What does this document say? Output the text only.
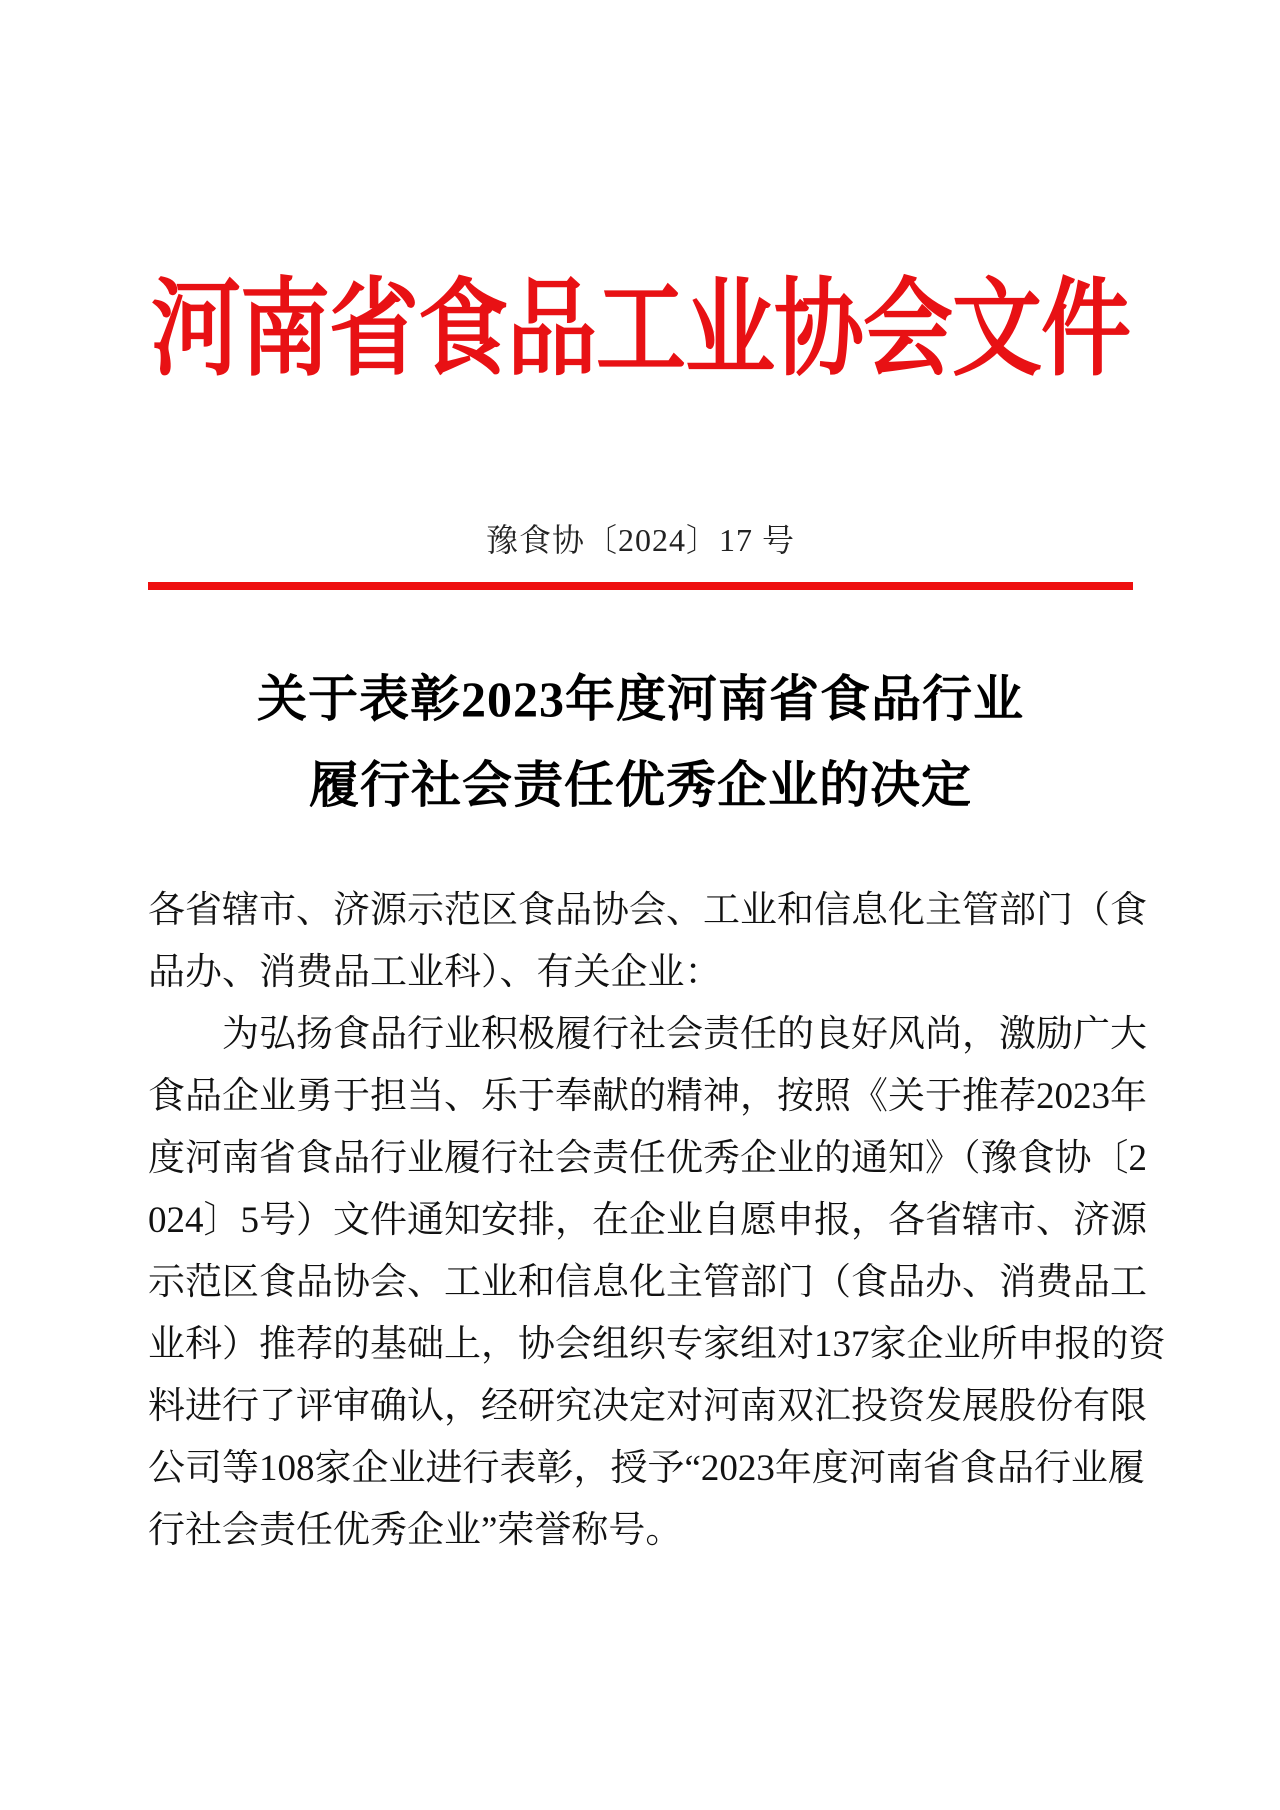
河南省食品工业协会文件
豫食协〔2024〕17 号
关于表彰2023年度河南省食品行业
履行社会责任优秀企业的决定
各省辖市、济源示范区食品协会、工业和信息化主管部门（食
品办、消费品工业科）、有关企业：
　　为弘扬食品行业积极履行社会责任的良好风尚，激励广大
食品企业勇于担当、乐于奉献的精神，按照《关于推荐2023年
度河南省食品行业履行社会责任优秀企业的通知》（豫食协〔2
024〕5号）文件通知安排，在企业自愿申报，各省辖市、济源
示范区食品协会、工业和信息化主管部门（食品办、消费品工
业科）推荐的基础上，协会组织专家组对137家企业所申报的资
料进行了评审确认，经研究决定对河南双汇投资发展股份有限
公司等108家企业进行表彰，授予“2023年度河南省食品行业履
行社会责任优秀企业”荣誉称号。
